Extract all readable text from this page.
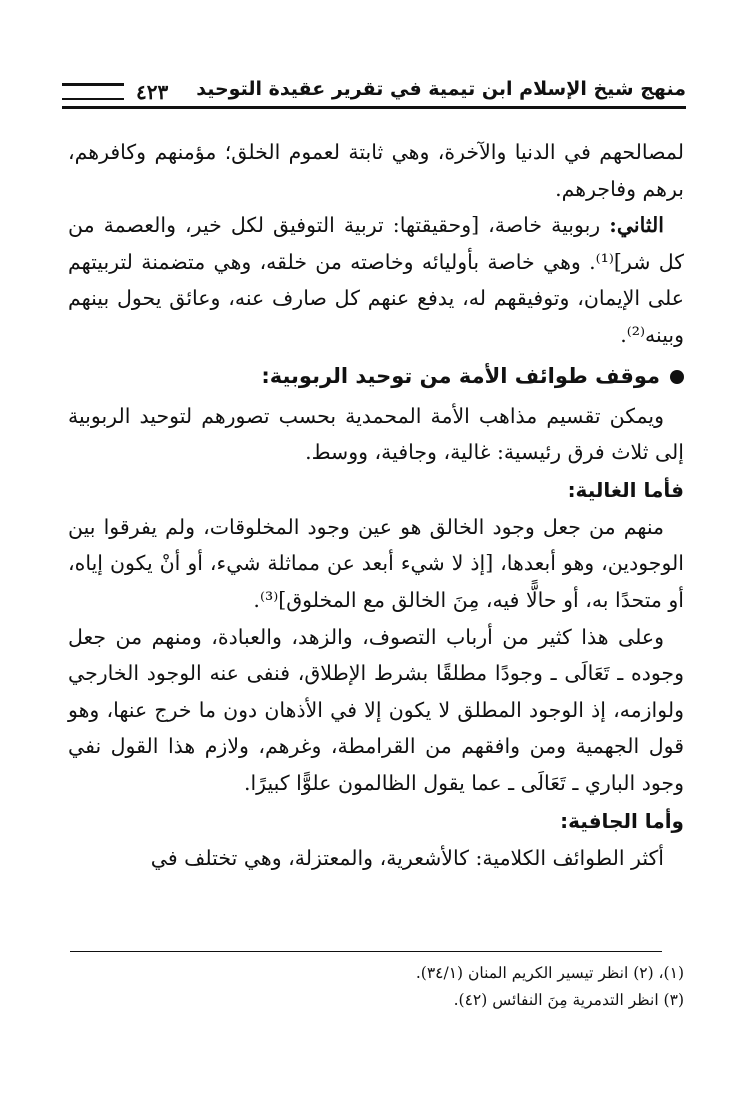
منهج شيخ الإسلام ابن تيمية في تقرير عقيدة التوحيد
٤٢٣

لمصالحهم في الدنيا والآخرة، وهي ثابتة لعموم الخلق؛ مؤمنهم وكافرهم، برهم وفاجرهم.

الثاني: ربوبية خاصة، [وحقيقتها: تربية التوفيق لكل خير، والعصمة من كل شر]⁽¹⁾. وهي خاصة بأوليائه وخاصته من خلقه، وهي متضمنة لتربيتهم على الإيمان، وتوفيقهم له، يدفع عنهم كل صارف عنه، وعائق يحول بينهم وبينه⁽²⁾.

موقف طوائف الأمة من توحيد الربوبية:

ويمكن تقسيم مذاهب الأمة المحمدية بحسب تصورهم لتوحيد الربوبية إلى ثلاث فرق رئيسية: غالية، وجافية، ووسط.

فأما الغالية:

منهم من جعل وجود الخالق هو عين وجود المخلوقات، ولم يفرقوا بين الوجودين، وهو أبعدها، [إذ لا شيء أبعد عن مماثلة شيء، أو أنْ يكون إياه، أو متحدًا به، أو حالًّا فيه، مِنَ الخالق مع المخلوق]⁽³⁾.

وعلى هذا كثير من أرباب التصوف، والزهد، والعبادة، ومنهم من جعل وجوده ـ تَعَالَى ـ وجودًا مطلقًا بشرط الإطلاق، فنفى عنه الوجود الخارجي ولوازمه، إذ الوجود المطلق لا يكون إلا في الأذهان دون ما خرج عنها، وهو قول الجهمية ومن وافقهم من القرامطة، وغرهم، ولازم هذا القول نفي وجود الباري ـ تَعَالَى ـ عما يقول الظالمون علوًّا كبيرًا.

وأما الجافية:

أكثر الطوائف الكلامية: كالأشعرية، والمعتزلة، وهي تختلف في

(١)، (٢) انظر تيسير الكريم المنان (٣٤/١).

(٣) انظر التدمرية مِنَ النفائس (٤٢).
